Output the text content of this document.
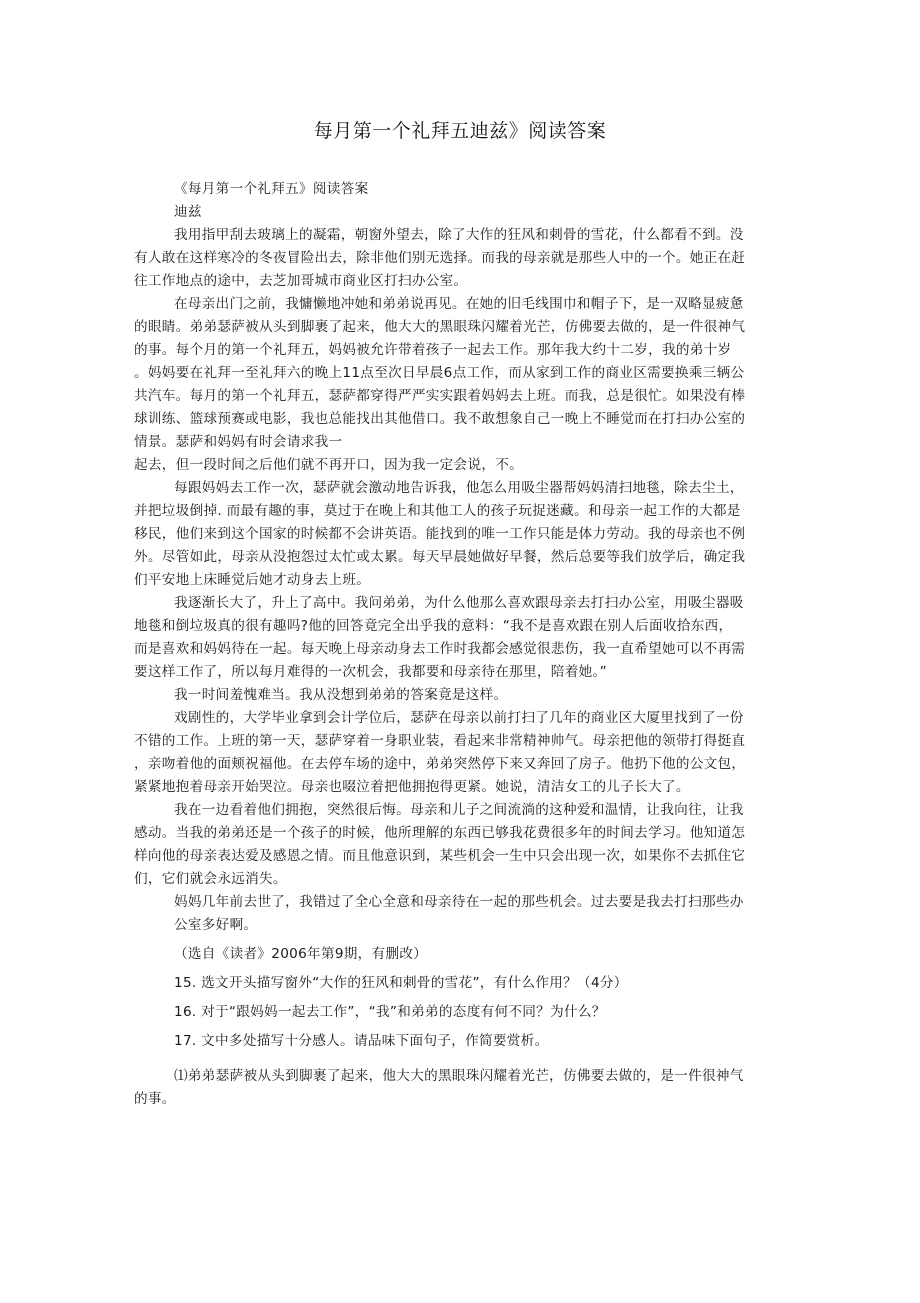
每月第一个礼拜五迪兹》阅读答案

《每月第一个礼拜五》阅读答案

迪兹

我用指甲刮去玻璃上的凝霜，朝窗外望去，除了大作的狂风和刺骨的雪花，什么都看不到。没

有人敢在这样寒冷的冬夜冒险出去，除非他们别无选择。而我的母亲就是那些人中的一个。她正在赶

往工作地点的途中，去芝加哥城市商业区打扫办公室。

在母亲出门之前，我慵懒地冲她和弟弟说再见。在她的旧毛线围巾和帽子下，是一双略显疲惫

的眼睛。弟弟瑟萨被从头到脚裹了起来，他大大的黑眼珠闪耀着光芒，仿佛要去做的，是一件很神气

的事。每个月的第一个礼拜五，妈妈被允许带着孩子一起去工作。那年我大约十二岁，我的弟十岁

。妈妈要在礼拜一至礼拜六的晚上11点至次日早晨6点工作，而从家到工作的商业区需要换乘三辆公

共汽车。每月的第一个礼拜五，瑟萨都穿得严严实实跟着妈妈去上班。而我，总是很忙。如果没有棒

球训练、篮球预赛或电影，我也总能找出其他借口。我不敢想象自己一晚上不睡觉而在打扫办公室的

情景。瑟萨和妈妈有时会请求我一

起去，但一段时间之后他们就不再开口，因为我一定会说，不。

每跟妈妈去工作一次，瑟萨就会激动地告诉我，他怎么用吸尘器帮妈妈清扫地毯，除去尘土，

并把垃圾倒掉. 而最有趣的事，莫过于在晚上和其他工人的孩子玩捉迷藏。和母亲一起工作的大都是

移民，他们来到这个国家的时候都不会讲英语。能找到的唯一工作只能是体力劳动。我的母亲也不例

外。尽管如此，母亲从没抱怨过太忙或太累。每天早晨她做好早餐，然后总要等我们放学后，确定我

们平安地上床睡觉后她才动身去上班。

我逐渐长大了，升上了高中。我问弟弟，为什么他那么喜欢跟母亲去打扫办公室，用吸尘器吸

地毯和倒垃圾真的很有趣吗?他的回答竟完全出乎我的意料：“我不是喜欢跟在别人后面收拾东西，

而是喜欢和妈妈待在一起。每天晚上母亲动身去工作时我都会感觉很悲伤，我一直希望她可以不再需

要这样工作了，所以每月难得的一次机会，我都要和母亲待在那里，陪着她。”

我一时间羞愧难当。我从没想到弟弟的答案竟是这样。

戏剧性的，大学毕业拿到会计学位后，瑟萨在母亲以前打扫了几年的商业区大厦里找到了一份

不错的工作。上班的第一天，瑟萨穿着一身职业装，看起来非常精神帅气。母亲把他的领带打得挺直

，亲吻着他的面颊祝福他。在去停车场的途中，弟弟突然停下来又奔回了房子。他扔下他的公文包，

紧紧地抱着母亲开始哭泣。母亲也啜泣着把他拥抱得更紧。她说，清洁女工的儿子长大了。

我在一边看着他们拥抱，突然很后悔。母亲和儿子之间流淌的这种爱和温情，让我向往，让我

感动。当我的弟弟还是一个孩子的时候，他所理解的东西已够我花费很多年的时间去学习。他知道怎

样向他的母亲表达爱及感恩之情。而且他意识到，某些机会一生中只会出现一次，如果你不去抓住它

们，它们就会永远消失。

妈妈几年前去世了，我错过了全心全意和母亲待在一起的那些机会。过去要是我去打扫那些办

公室多好啊。

（选自《读者》2006年第9期，有删改）

15. 选文开头描写窗外“大作的狂风和刺骨的雪花”，有什么作用？（4分）

16. 对于“跟妈妈一起去工作”，“我”和弟弟的态度有何不同？为什么？

17. 文中多处描写十分感人。请品味下面句子，作简要赏析。

⑴弟弟瑟萨被从头到脚裹了起来，他大大的黑眼珠闪耀着光芒，仿佛要去做的，是一件很神气

的事。
